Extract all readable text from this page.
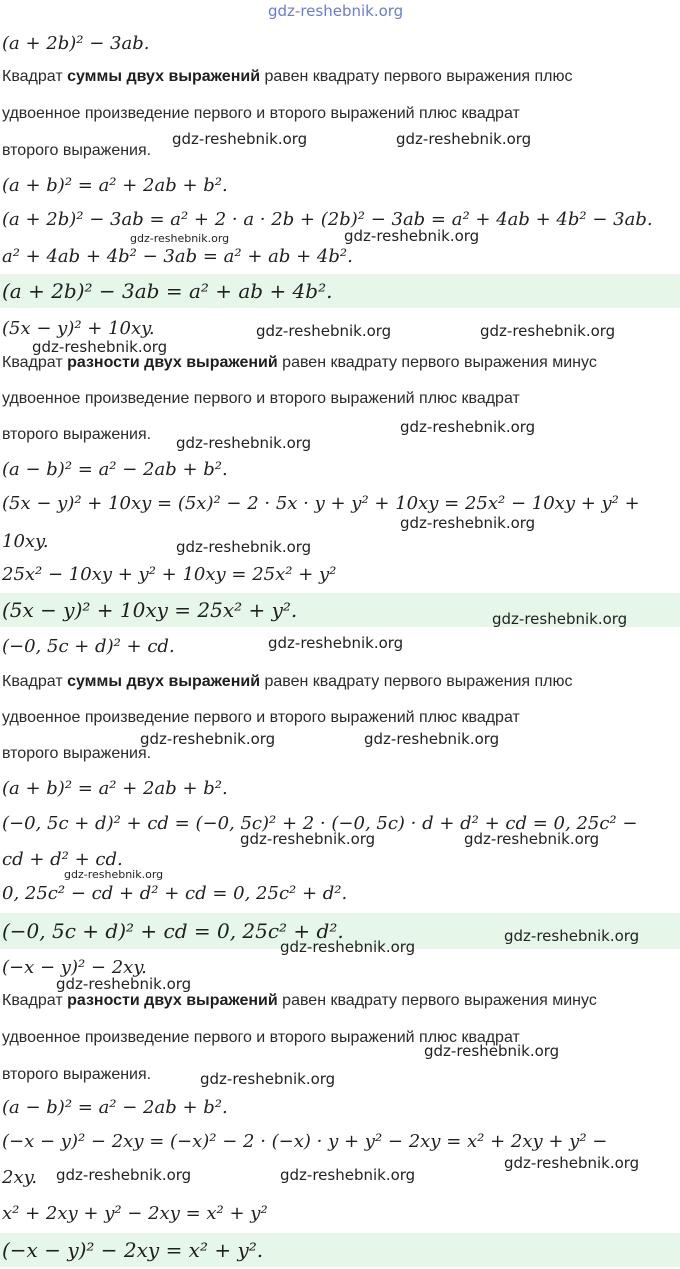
gdz-reshebnik.org
(a + 2b)² − 3ab.
Квадрат суммы двух выражений равен квадрату первого выражения плюс
удвоенное произведение первого и второго выражений плюс квадрат
второго выражения.
gdz-reshebnik.org	gdz-reshebnik.org
(a + b)² = a² + 2ab + b².
(a + 2b)² − 3ab = a² + 2 · a · 2b + (2b)² − 3ab = a² + 4ab + 4b² − 3ab.
gdz-reshebnik.org	gdz-reshebnik.org
a² + 4ab + 4b² − 3ab = a² + ab + 4b².
(a + 2b)² − 3ab = a² + ab + 4b².
(5x − y)² + 10xy.	gdz-reshebnik.org	gdz-reshebnik.org
gdz-reshebnik.org
Квадрат разности двух выражений равен квадрату первого выражения минус
удвоенное произведение первого и второго выражений плюс квадрат
второго выражения.	gdz-reshebnik.org
gdz-reshebnik.org
(a − b)² = a² − 2ab + b².
(5x − y)² + 10xy = (5x)² − 2 · 5x · y + y² + 10xy = 25x² − 10xy + y² +
gdz-reshebnik.org
10xy.	gdz-reshebnik.org
25x² − 10xy + y² + 10xy = 25x² + y²
(5x − y)² + 10xy = 25x² + y².	gdz-reshebnik.org
(−0, 5c + d)² + cd.	gdz-reshebnik.org
Квадрат суммы двух выражений равен квадрату первого выражения плюс
удвоенное произведение первого и второго выражений плюс квадрат
второго выражения.
gdz-reshebnik.org	gdz-reshebnik.org
(a + b)² = a² + 2ab + b².
(−0, 5c + d)² + cd = (−0, 5c)² + 2 · (−0, 5c) · d + d² + cd = 0, 25c² −
gdz-reshebnik.org	gdz-reshebnik.org
cd + d² + cd.
gdz-reshebnik.org
0, 25c² − cd + d² + cd = 0, 25c² + d².
(−0, 5c + d)² + cd = 0, 25c² + d².
gdz-reshebnik.org
gdz-reshebnik.org
(−x − y)² − 2xy.
gdz-reshebnik.org
Квадрат разности двух выражений равен квадрату первого выражения минус
удвоенное произведение первого и второго выражений плюс квадрат
gdz-reshebnik.org
второго выражения.	gdz-reshebnik.org
(a − b)² = a² − 2ab + b².
(−x − y)² − 2xy = (−x)² − 2 · (−x) · y + y² − 2xy = x² + 2xy + y² −
gdz-reshebnik.org
2xy.	gdz-reshebnik.org	gdz-reshebnik.org
x² + 2xy + y² − 2xy = x² + y²
(−x − y)² − 2xy = x² + y².
